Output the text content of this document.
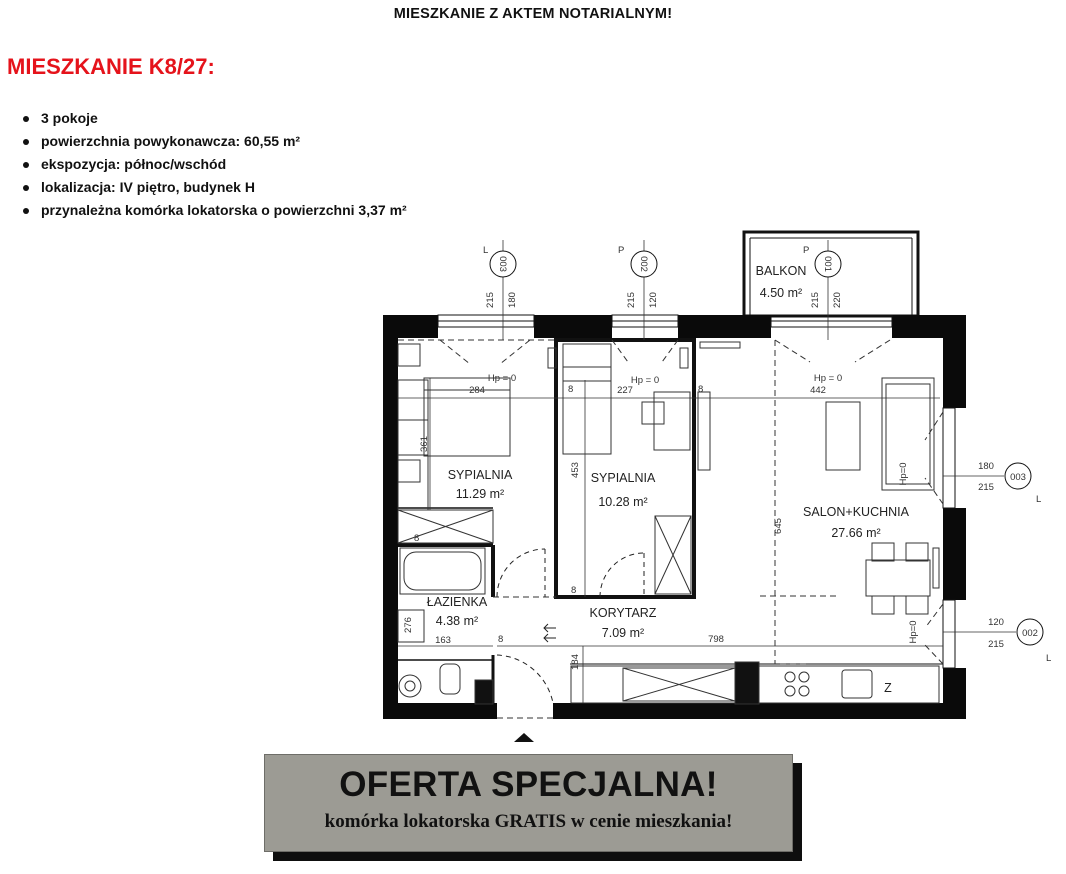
MIESZKANIE Z AKTEM NOTARIALNYM!
MIESZKANIE K8/27:
3 pokoje
powierzchnia powykonawcza: 60,55 m²
ekspozycja: północ/wschód
lokalizacja: IV piętro, budynek H
przynależna komórka lokatorska o powierzchni 3,37 m²
003
L
215 180
002
P
215 120
001
P
215 220
003
L
180
215
002
L
120
215
SYPIALNIA
11.29 m²
SYPIALNIA
10.28 m²
SALON+KUCHNIA
27.66 m²
ŁAZIENKA
4.38 m²
KORYTARZ
7.09 m²
BALKON
4.50 m²
284	227	442
361
453
645
798
184
163
276
8	8
8
8
8
Hp = 0	Hp = 0	Hp = 0
Hp=0
Hp=0
Z
OFERTA SPECJALNA!
komórka lokatorska GRATIS w cenie mieszkania!
